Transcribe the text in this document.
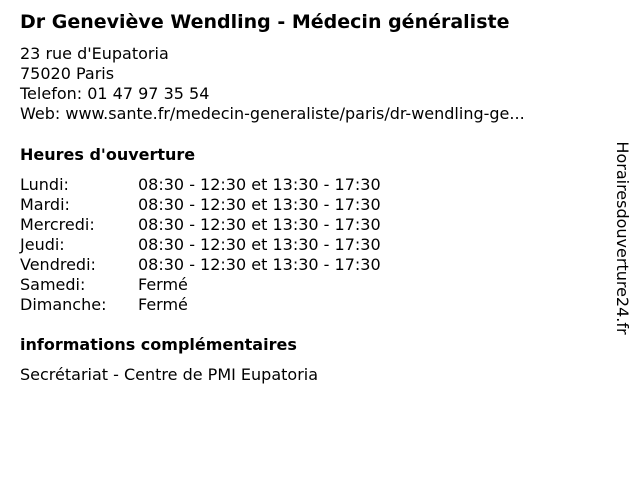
Dr Geneviève Wendling - Médecin généraliste
23 rue d'Eupatoria
75020 Paris
Telefon: 01 47 97 35 54
Web: www.sante.fr/medecin-generaliste/paris/dr-wendling-ge...
Heures d'ouverture
Lundi:	08:30 - 12:30 et 13:30 - 17:30
Mardi:	08:30 - 12:30 et 13:30 - 17:30
Mercredi:	08:30 - 12:30 et 13:30 - 17:30
Jeudi:	08:30 - 12:30 et 13:30 - 17:30
Vendredi:	08:30 - 12:30 et 13:30 - 17:30
Samedi:	Fermé
Dimanche: Fermé
informations complémentaires
Secrétariat - Centre de PMI Eupatoria
Horairesdouverture24.fr
